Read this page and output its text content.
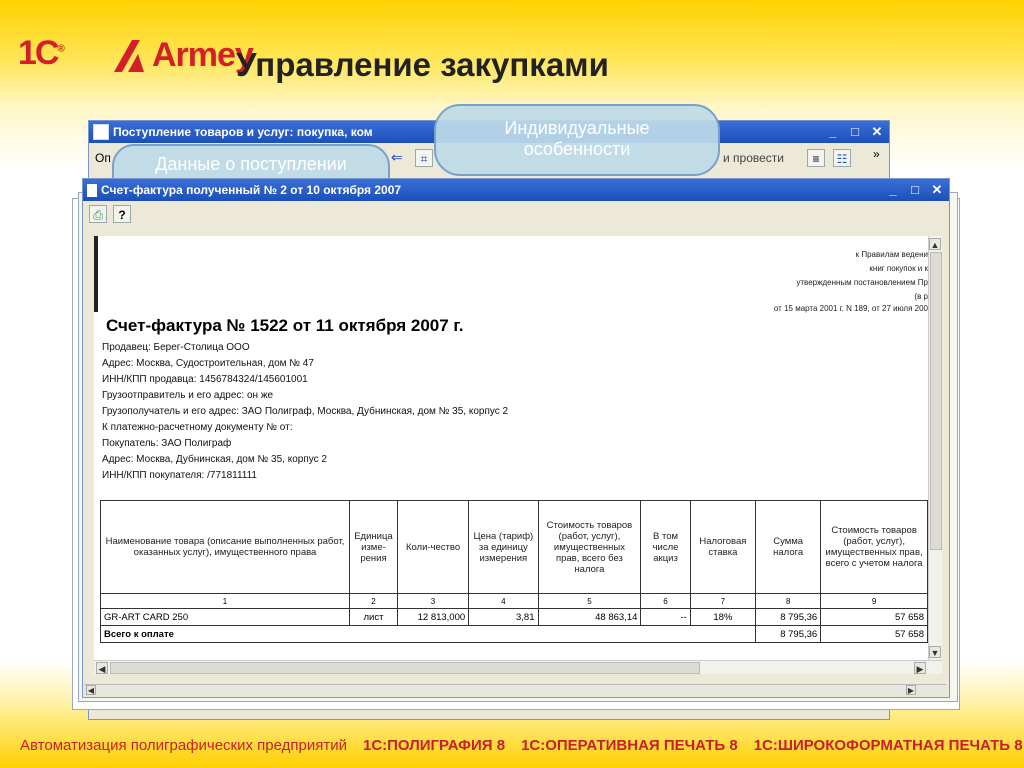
1С®	Armey
Управление закупками
Поступление товаров и услуг: покупка, ком	_	□ ✕
Оп	⇐	⌗	и провести	≡	☷	»
Индивидуальные
особенности
Данные о поступлении
Счет-фактура полученный № 2 от 10 октября 2007	_	□ ✕
⎙	?
к Правилам ведени
книг покупок и к
утвержденным постановлением Пр
(в р
от 15 марта 2001 г. N 189, от 27 июля 200
Счет-фактура № 1522 от 11 октября 2007 г.
Продавец: Берег-Столица ООО
Адрес: Москва, Судостроительная, дом № 47
ИНН/КПП продавца: 1456784324/145601001
Грузоотправитель и его адрес: он же
Грузополучатель и его адрес: ЗАО Полиграф, Москва, Дубнинская, дом № 35, корпус 2
К платежно-расчетному документу № от:
Покупатель: ЗАО Полиграф
Адрес: Москва, Дубнинская, дом № 35, корпус 2
ИНН/КПП покупателя: /771811111
Наименование товара (описание выполненных работ, оказанных услуг), имущественного права	Единица изме-рения	Коли-чество	Цена (тариф) за единицу измерения	Стоимость товаров (работ, услуг), имущественных прав, всего без налога	В том числе акциз	Налоговая ставка	Сумма налога	Стоимость товаров (работ, услуг), имущественных прав, всего с учетом налога
1	2	3	4	5	6	7	8	9
GR-ART CARD 250	лист	12 813,000	3,81	48 863,14	--	18%	8 795,36	57 658
Всего к оплате							8 795,36	57 658
▲
▼
◀	▶
◀	▶
Автоматизация полиграфических предприятий 1С:ПОЛИГРАФИЯ 8 1С:ОПЕРАТИВНАЯ ПЕЧАТЬ 8 1С:ШИРОКОФОРМАТНАЯ ПЕЧАТЬ 8
